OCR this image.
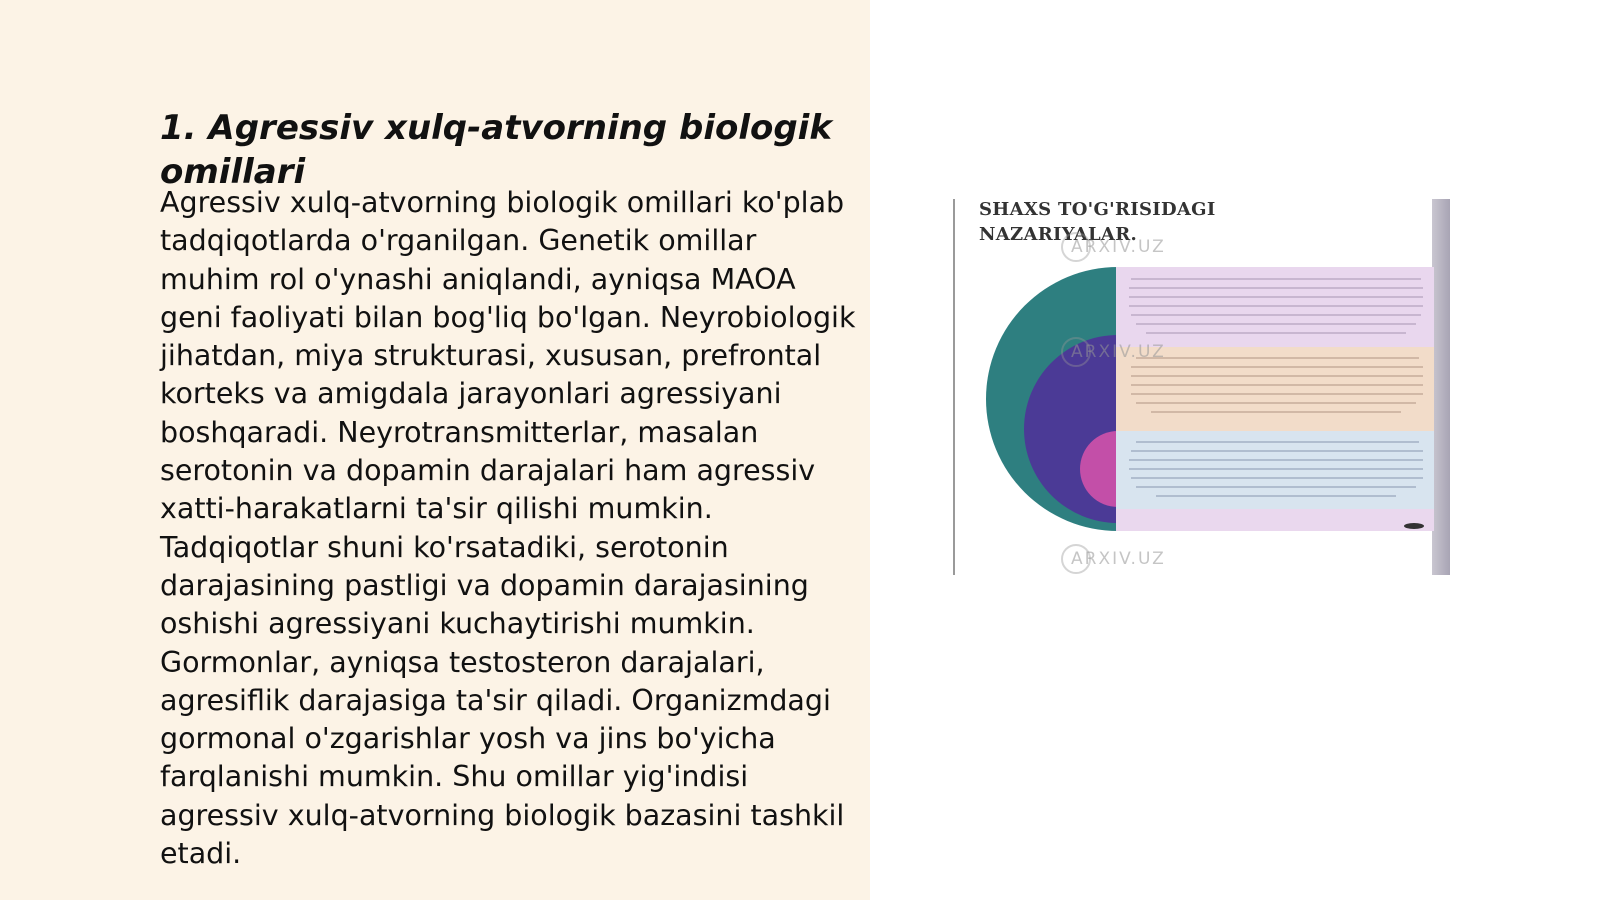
1. Agressiv xulq-atvorning biologik omillari

Agressiv xulq-atvorning biologik omillari ko'plab tadqiqotlarda o'rganilgan. Genetik omillar muhim rol o'ynashi aniqlandi, ayniqsa MAOA geni faoliyati bilan bog'liq bo'lgan. Neyrobiologik jihatdan, miya strukturasi, xususan, prefrontal korteks va amigdala jarayonlari agressiyani boshqaradi. Neyrotransmitterlar, masalan serotonin va dopamin darajalari ham agressiv xatti-harakatlarni ta'sir qilishi mumkin. Tadqiqotlar shuni ko'rsatadiki, serotonin darajasining pastligi va dopamin darajasining oshishi agressiyani kuchaytirishi mumkin. Gormonlar, ayniqsa testosteron darajalari, agresiflik darajasiga ta'sir qiladi. Organizmdagi gormonal o'zgarishlar yosh va jins bo'yicha farqlanishi mumkin. Shu omillar yig'indisi agressiv xulq-atvorning biologik bazasini tashkil etadi.

SHAXS TO'G'RISIDAGI NAZARIYALAR.
ARXIV.UZ
ARXIV.UZ
ARXIV.UZ
